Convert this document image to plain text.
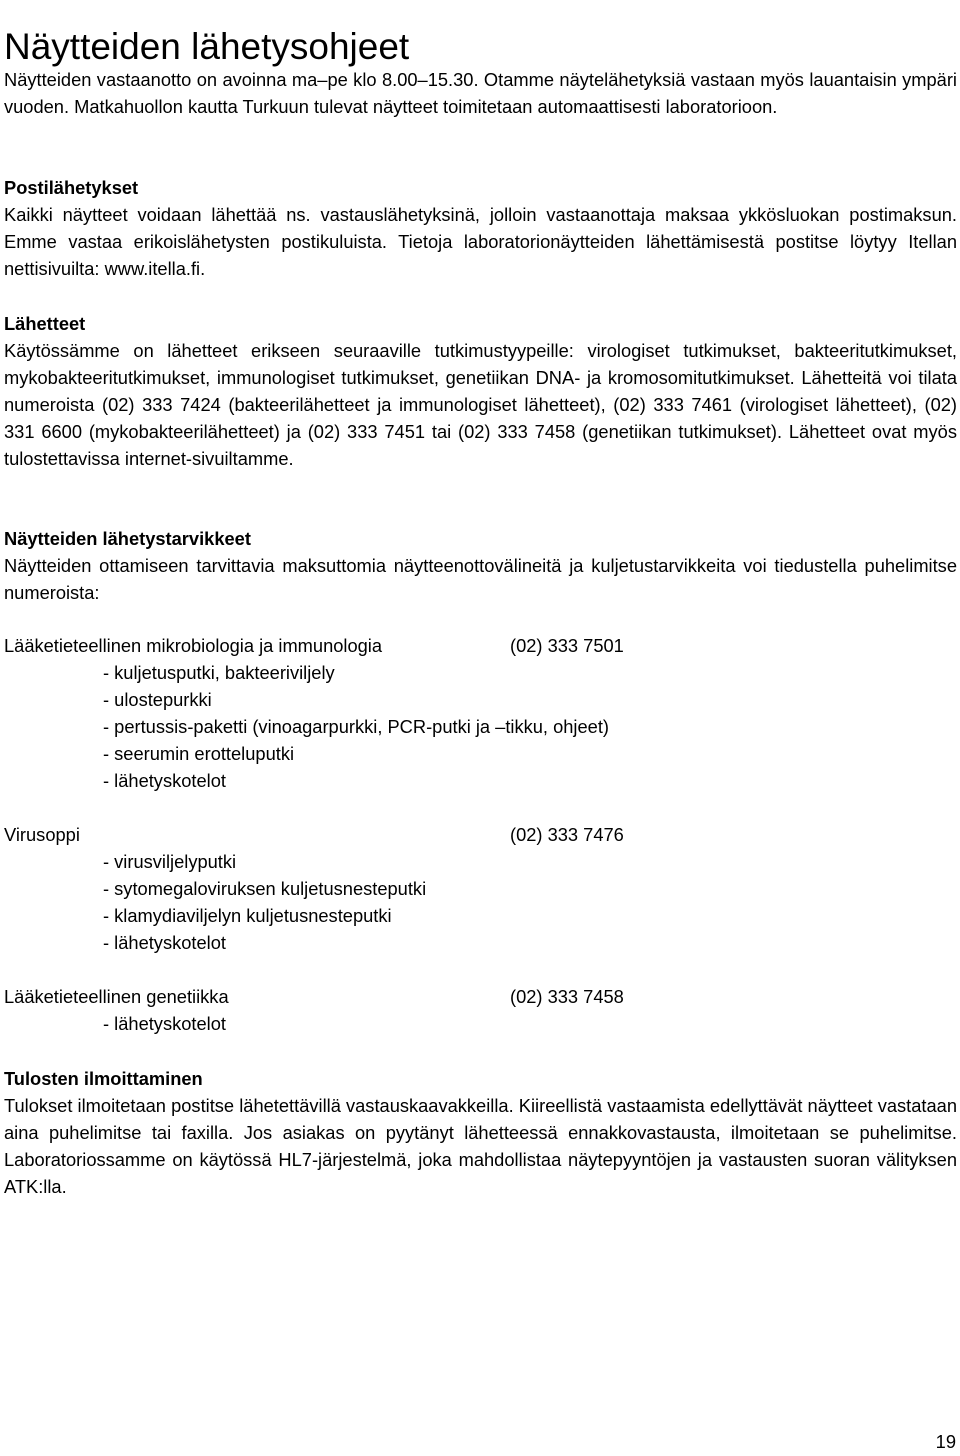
Näytteiden lähetysohjeet
Näytteiden vastaanotto on avoinna ma–pe klo 8.00–15.30. Otamme näytelähetyksiä vastaan myös lauantaisin ympäri vuoden. Matkahuollon kautta Turkuun tulevat näytteet toimitetaan automaattisesti laboratorioon.
Postilähetykset
Kaikki näytteet voidaan lähettää ns. vastauslähetyksinä, jolloin vastaanottaja maksaa ykkösluokan postimaksun. Emme vastaa erikoislähetysten postikuluista. Tietoja laboratorionäytteiden lähettämisestä postitse löytyy Itellan nettisivuilta: www.itella.fi.
Lähetteet
Käytössämme on lähetteet erikseen seuraaville tutkimustyypeille: virologiset tutkimukset, bakteeritutkimukset, mykobakteeritutkimukset, immunologiset tutkimukset, genetiikan DNA- ja kromosomitutkimukset. Lähetteitä voi tilata numeroista (02) 333 7424 (bakteerilähetteet ja immunologiset lähetteet), (02) 333 7461 (virologiset lähetteet), (02) 331 6600 (mykobakteerilähetteet) ja (02) 333 7451 tai (02) 333 7458 (genetiikan tutkimukset). Lähetteet ovat myös tulostettavissa internet-sivuiltamme.
Näytteiden lähetystarvikkeet
Näytteiden ottamiseen tarvittavia maksuttomia näytteenottovälineitä ja kuljetustarvikkeita voi tiedustella puhelimitse numeroista:
Lääketieteellinen mikrobiologia ja immunologia	(02) 333 7501
- kuljetusputki, bakteeriviljely
- ulostepurkki
- pertussis-paketti (vinoagarpurkki, PCR-putki ja –tikku, ohjeet)
- seerumin erotteluputki
- lähetyskotelot
Virusoppi	(02) 333 7476
- virusviljelyputki
- sytomegaloviruksen kuljetusnesteputki
- klamydiaviljelyn kuljetusnesteputki
- lähetyskotelot
Lääketieteellinen genetiikka	(02) 333 7458
- lähetyskotelot
Tulosten ilmoittaminen
Tulokset ilmoitetaan postitse lähetettävillä vastauskaavakkeilla. Kiireellistä vastaamista edellyttävät näytteet vastataan aina puhelimitse tai faxilla. Jos asiakas on pyytänyt lähetteessä ennakkovastausta, ilmoitetaan se puhelimitse. Laboratoriossamme on käytössä HL7-järjestelmä, joka mahdollistaa näytepyyntöjen ja vastausten suoran välityksen ATK:lla.
19
